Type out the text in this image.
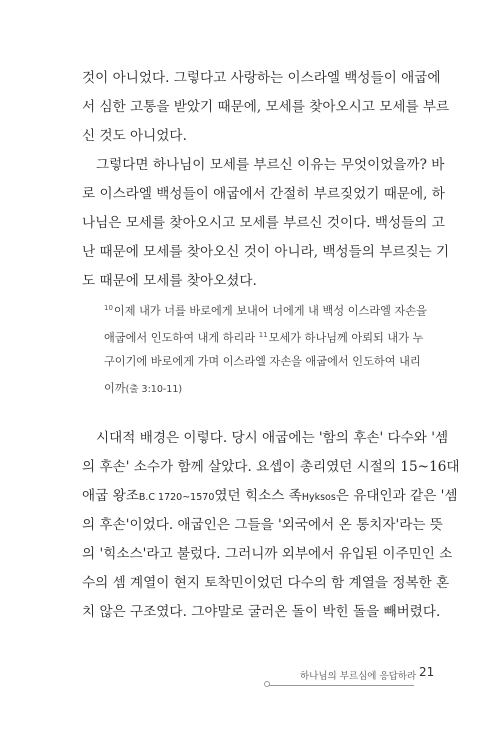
것이 아니었다. 그렇다고 사랑하는 이스라엘 백성들이 애굽에
서 심한 고통을 받았기 때문에, 모세를 찾아오시고 모세를 부르
신 것도 아니었다.
그렇다면 하나님이 모세를 부르신 이유는 무엇이었을까? 바
로 이스라엘 백성들이 애굽에서 간절히 부르짖었기 때문에, 하
나님은 모세를 찾아오시고 모세를 부르신 것이다. 백성들의 고
난 때문에 모세를 찾아오신 것이 아니라, 백성들의 부르짖는 기
도 때문에 모세를 찾아오셨다.
$^{10}$이제 내가 너를 바로에게 보내어 너에게 내 백성 이스라엘 자손을
애굽에서 인도하여 내게 하리라 $^{11}$모세가 하나님께 아뢰되 내가 누
구이기에 바로에게 가며 이스라엘 자손을 애굽에서 인도하여 내리
이까(출 3:10-11)
시대적 배경은 이렇다. 당시 애굽에는 '함의 후손' 다수와 '셈
의 후손' 소수가 함께 살았다. 요셉이 총리였던 시절의 15~16대
애굽 왕조B.C 1720~1570였던 힉소스 족Hyksos은 유대인과 같은 '셈
의 후손'이었다. 애굽인은 그들을 '외국에서 온 통치자'라는 뜻
의 '힉소스'라고 불렀다. 그러니까 외부에서 유입된 이주민인 소
수의 셈 계열이 현지 토착민이었던 다수의 함 계열을 정복한 혼
치 않은 구조였다. 그야말로 굴러온 돌이 박힌 돌을 빼버렸다.
하나님의 부르심에 응답하라 21
